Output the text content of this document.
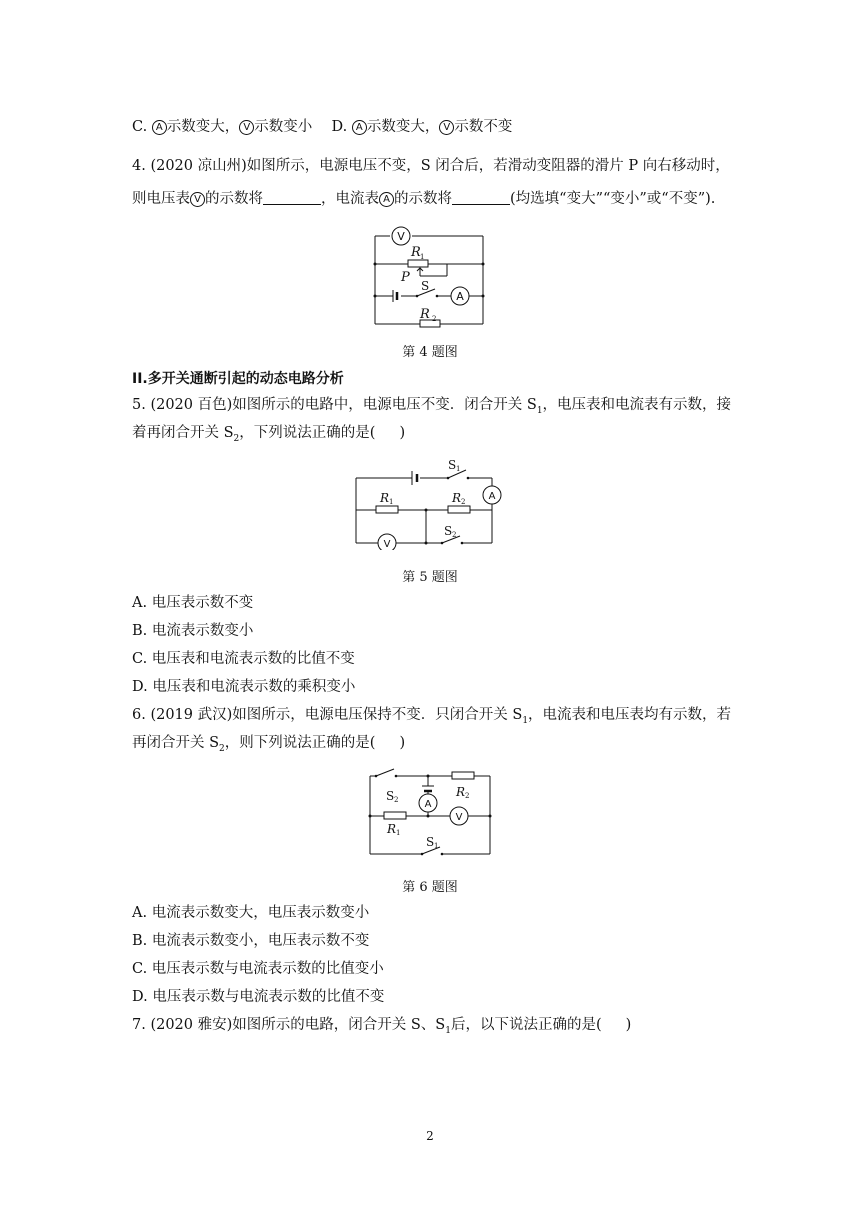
C. A 示数变大， V 示数变小 D. A 示数变大， V 示数不变
4. (2020 凉山州)如图所示，电源电压不变，S 闭合后，若滑动变阻器的滑片 P 向右移动时，
则电压表 V 的示数将	，电流表 A 的示数将	(均选填“变大”“变小”或“不变”).
V
A
R 1
P
R 2
S
第 4 题图
II.多开关通断引起的动态电路分析
5. (2020 百色)如图所示的电路中，电源电压不变．闭合开关 $S_1$，电压表和电流表有示数，接
着再闭合开关 $S_2$，下列说法正确的是( )
A
V
S 1
S 2
R 1	R 2
第 5 题图
A. 电压表示数不变
B. 电流表示数变小
C. 电压表和电流表示数的比值不变
D. 电压表和电流表示数的乘积变小
6. (2019 武汉)如图所示，电源电压保持不变．只闭合开关 $S_1$，电流表和电压表均有示数，若
再闭合开关 $S_2$，则下列说法正确的是( )
A
V
S 2
S 1
R 2
R 1
第 6 题图
A. 电流表示数变大，电压表示数变小
B. 电流表示数变小，电压表示数不变
C. 电压表示数与电流表示数的比值变小
D. 电压表示数与电流表示数的比值不变
7. (2020 雅安)如图所示的电路，闭合开关 S、$S_1$后，以下说法正确的是( )
2
